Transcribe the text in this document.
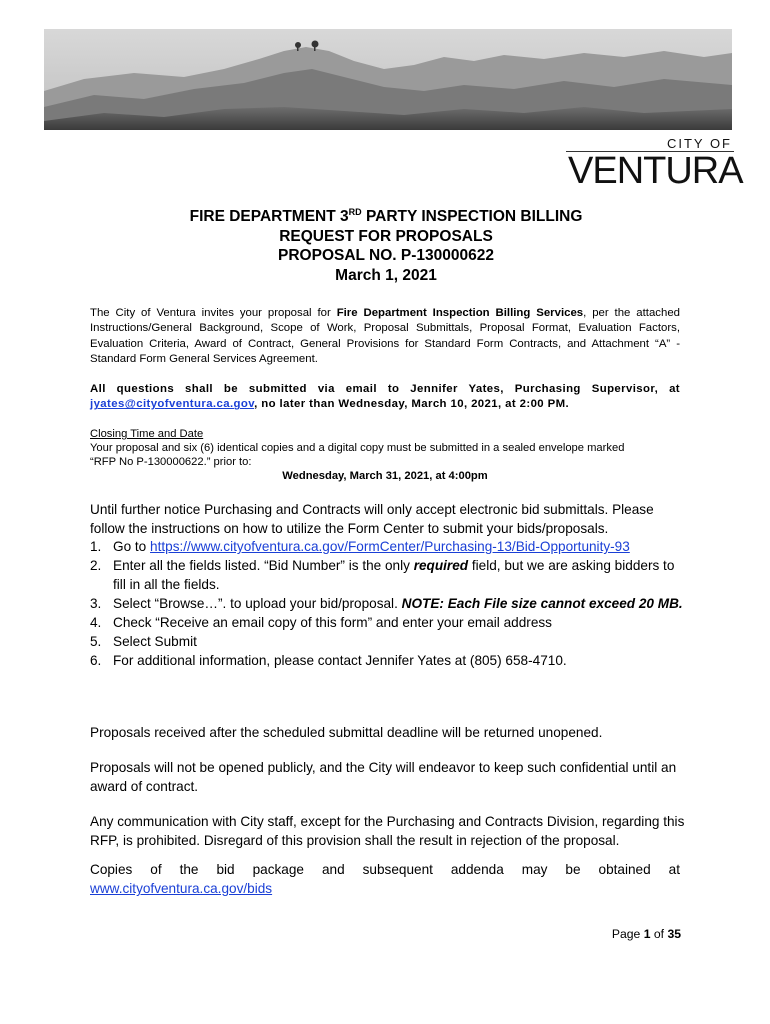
CITY OF
VENTURA
FIRE DEPARTMENT 3RD PARTY INSPECTION BILLING
REQUEST FOR PROPOSALS
PROPOSAL NO. P-130000622
March 1, 2021
The City of Ventura invites your proposal for Fire Department Inspection Billing Services, per the attached Instructions/General Background, Scope of Work, Proposal Submittals, Proposal Format, Evaluation Factors, Evaluation Criteria, Award of Contract, General Provisions for Standard Form Contracts, and Attachment “A” - Standard Form General Services Agreement.
All questions shall be submitted via email to Jennifer Yates, Purchasing Supervisor, at jyates@cityofventura.ca.gov, no later than Wednesday, March 10, 2021, at 2:00 PM.
Closing Time and Date
Your proposal and six (6) identical copies and a digital copy must be submitted in a sealed envelope marked
“RFP No P-130000622.” prior to:
Wednesday, March 31, 2021, at 4:00pm
Until further notice Purchasing and Contracts will only accept electronic bid submittals. Please follow the instructions on how to utilize the Form Center to submit your bids/proposals.
1. Go to https://www.cityofventura.ca.gov/FormCenter/Purchasing-13/Bid-Opportunity-93
2. Enter all the fields listed. “Bid Number” is the only required field, but we are asking bidders to fill in all the fields.
3. Select “Browse…”. to upload your bid/proposal. NOTE: Each File size cannot exceed 20 MB.
4. Check “Receive an email copy of this form” and enter your email address
5. Select Submit
6. For additional information, please contact Jennifer Yates at (805) 658-4710.
Proposals received after the scheduled submittal deadline will be returned unopened.
Proposals will not be opened publicly, and the City will endeavor to keep such confidential until an award of contract.
Any communication with City staff, except for the Purchasing and Contracts Division, regarding this RFP, is prohibited. Disregard of this provision shall the result in rejection of the proposal.
Copies of the bid package and subsequent addenda may be obtained at
www.cityofventura.ca.gov/bids
Page 1 of 35
